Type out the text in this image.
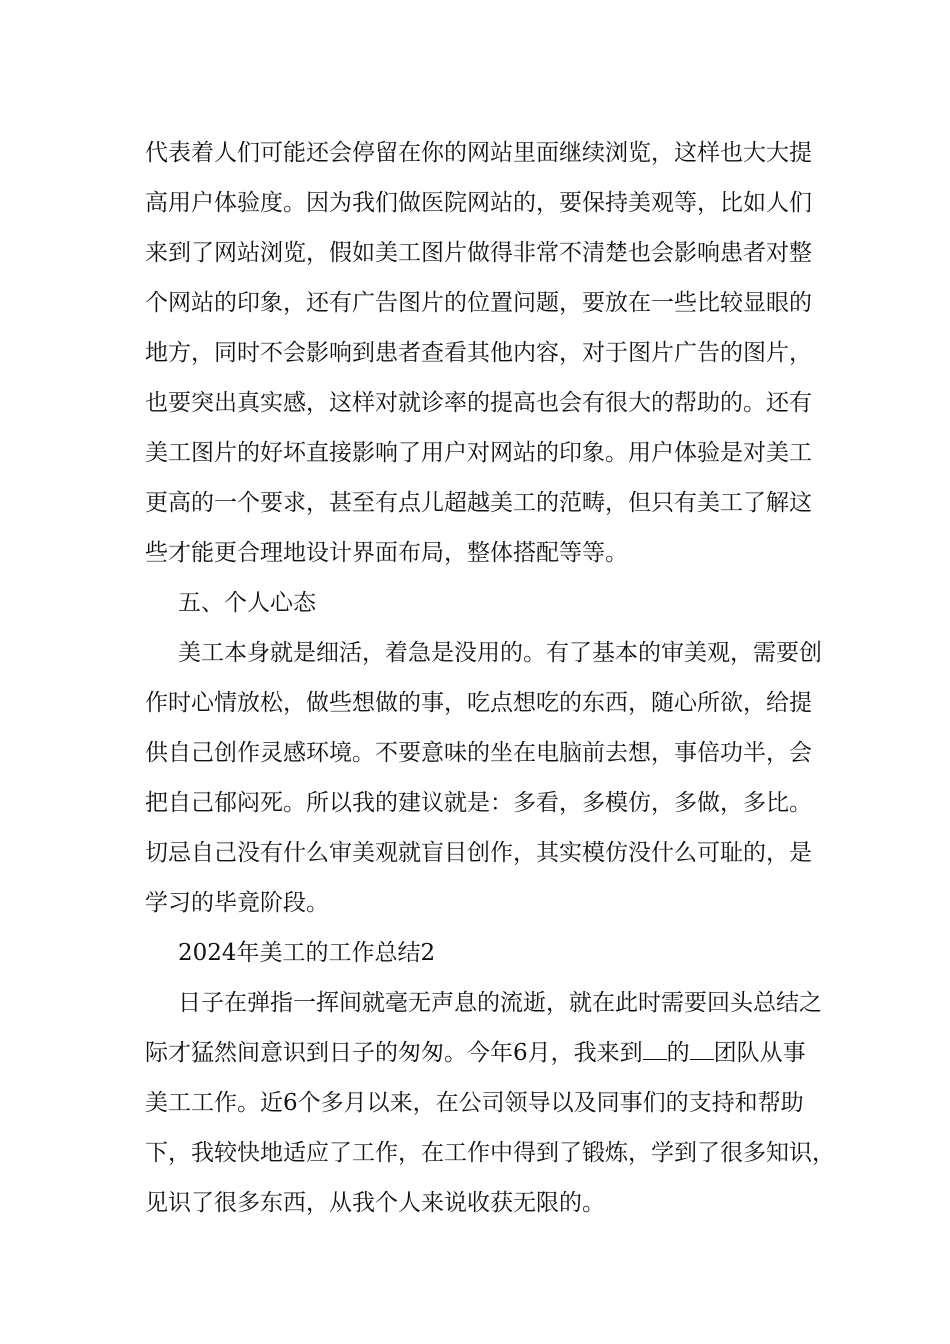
代表着人们可能还会停留在你的网站里面继续浏览，这样也大大提
高用户体验度。因为我们做医院网站的，要保持美观等，比如人们
来到了网站浏览，假如美工图片做得非常不清楚也会影响患者对整
个网站的印象，还有广告图片的位置问题，要放在一些比较显眼的
地方，同时不会影响到患者查看其他内容，对于图片广告的图片，
也要突出真实感，这样对就诊率的提高也会有很大的帮助的。还有
美工图片的好坏直接影响了用户对网站的印象。用户体验是对美工
更高的一个要求，甚至有点儿超越美工的范畴，但只有美工了解这
些才能更合理地设计界面布局，整体搭配等等。
五、个人心态
美工本身就是细活，着急是没用的。有了基本的审美观，需要创
作时心情放松，做些想做的事，吃点想吃的东西，随心所欲，给提
供自己创作灵感环境。不要意味的坐在电脑前去想，事倍功半，会
把自己郁闷死。所以我的建议就是：多看，多模仿，多做，多比。
切忌自己没有什么审美观就盲目创作，其实模仿没什么可耻的，是
学习的毕竟阶段。
2024年美工的工作总结2
日子在弹指一挥间就毫无声息的流逝，就在此时需要回头总结之
际才猛然间意识到日子的匆匆。今年6月，我来到 的 团队从事
美工工作。近6个多月以来，在公司领导以及同事们的支持和帮助
下，我较快地适应了工作，在工作中得到了锻炼，学到了很多知识，
见识了很多东西，从我个人来说收获无限的。
